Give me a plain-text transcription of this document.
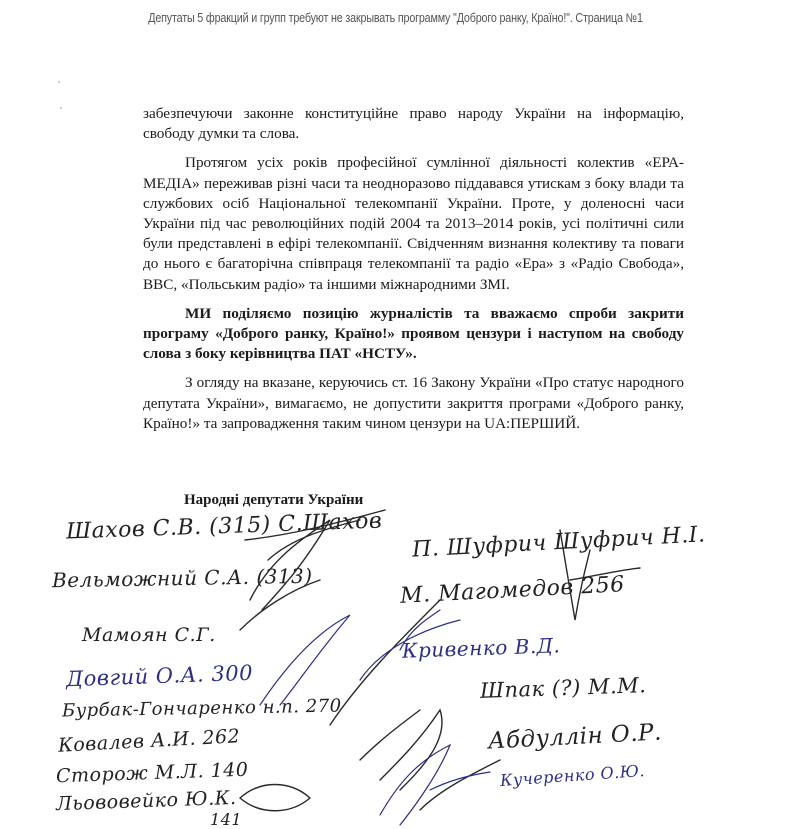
Депутаты 5 фракций и групп требуют не закрывать программу "Доброго ранку, Країно!". Страница №1

забезпечуючи законне конституційне право народу України на інформацію, свободу думки та слова.

Протягом усіх років професійної сумлінної діяльності колектив «ЕРА-МЕДІА» переживав різні часи та неодноразово піддавався утискам з боку влади та службових осіб Національної телекомпанії України. Проте, у доленосні часи України під час революційних подій 2004 та 2013–2014 років, усі політичні сили були представлені в ефірі телекомпанії. Свідченням визнання колективу та поваги до нього є багаторічна співпраця телекомпанії та радіо «Ера» з «Радіо Свобода», BBC, «Польським радіо» та іншими міжнародними ЗМІ.

МИ поділяємо позицію журналістів та вважаємо спроби закрити програму «Доброго ранку, Країно!» проявом цензури і наступом на свободу слова з боку керівництва ПАТ «НСТУ».

З огляду на вказане, керуючись ст. 16 Закону України «Про статус народного депутата України», вимагаємо, не допустити закриття програми «Доброго ранку, Країно!» та запровадження таким чином цензури на UA:ПЕРШИЙ.

Народні депутати України
Шахов С.В. (315) С.Шахов
Вельможний С.А. (313)
П. Шуфрич Шуфрич Н.І.
М. Магомедов 256
Мамоян С.Г.
Довгий О.А. 300
Кривенко В.Д.
Бурбак-Гончаренко н.п. 270
Шпак (?) М.М.
Ковалев А.И. 262	Абдуллін О.Р.
Сторож М.Л. 140	Кучеренко О.Ю.
Льововейко Ю.К.
141
